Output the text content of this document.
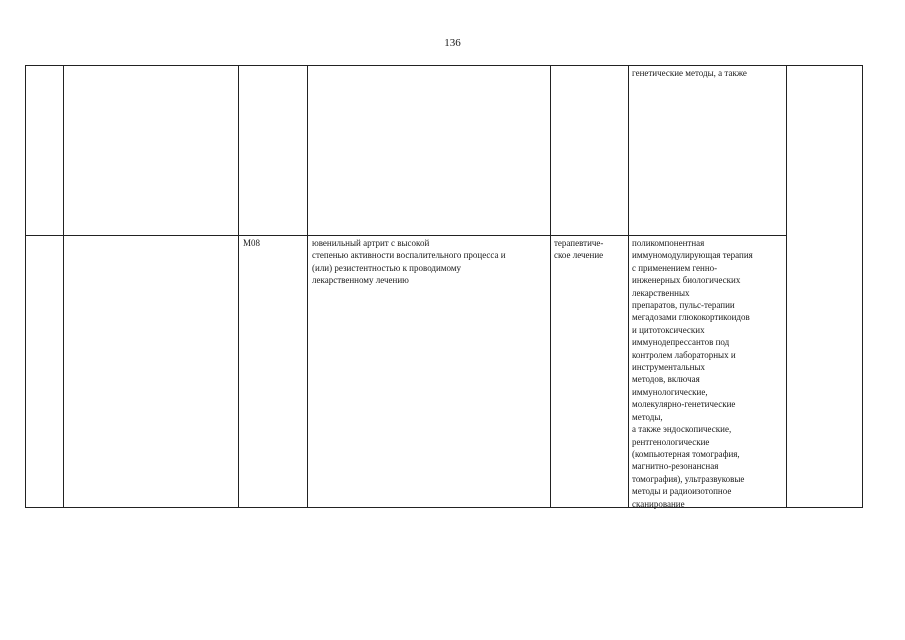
136
генетические методы, а также
M08	ювенильный артрит с высокой
степенью активности воспалительного процесса и
(или) резистентностью к проводимому
лекарственному лечению
терапевтиче-
ское лечение
поликомпонентная
иммуномодулирующая терапия
с применением генно-
инженерных биологических
лекарственных
препаратов, пульс-терапии
мегадозами глюкокортикоидов
и цитотоксических
иммунодепрессантов под
контролем лабораторных и
инструментальных
методов, включая
иммунологические,
молекулярно-генетические
методы,
а также эндоскопические,
рентгенологические
(компьютерная томография,
магнитно-резонансная
томография), ультразвуковые
методы и радиоизотопное
сканирование
